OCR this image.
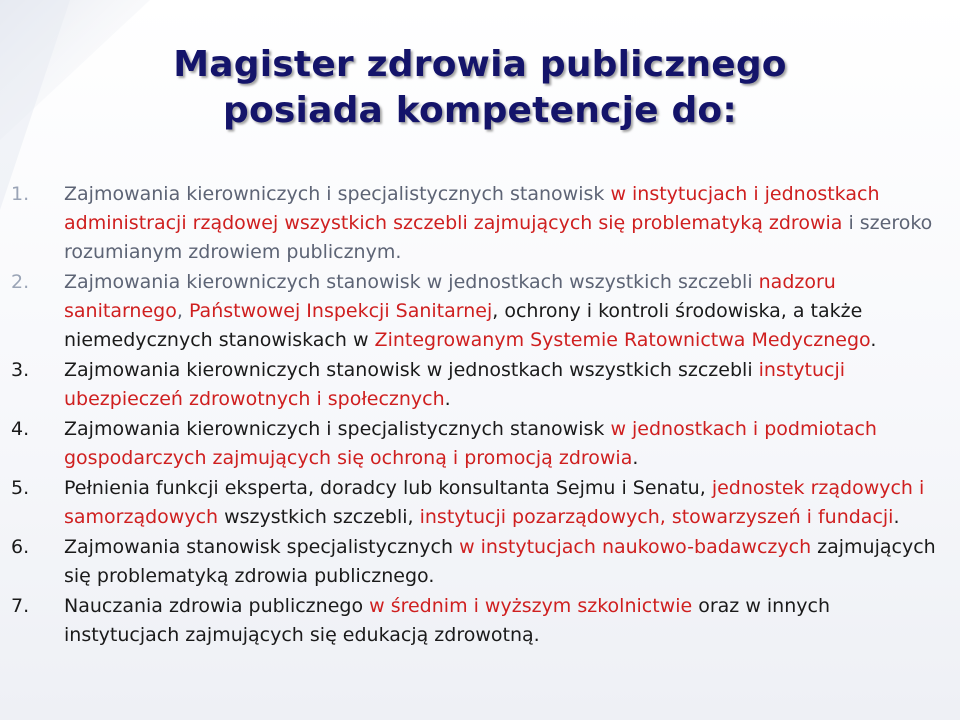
Magister zdrowia publicznego
posiada kompetencje do:
1.	Zajmowania kierowniczych i specjalistycznych stanowisk w instytucjach i jednostkach administracji rządowej wszystkich szczebli zajmujących się problematyką zdrowia i szeroko rozumianym zdrowiem publicznym.
2.	Zajmowania kierowniczych stanowisk w jednostkach wszystkich szczebli nadzoru sanitarnego, Państwowej Inspekcji Sanitarnej, ochrony i kontroli środowiska, a także niemedycznych stanowiskach w Zintegrowanym Systemie Ratownictwa Medycznego.
3.	Zajmowania kierowniczych stanowisk w jednostkach wszystkich szczebli instytucji ubezpieczeń zdrowotnych i społecznych.
4.	Zajmowania kierowniczych i specjalistycznych stanowisk w jednostkach i podmiotach gospodarczych zajmujących się ochroną i promocją zdrowia.
5.	Pełnienia funkcji eksperta, doradcy lub konsultanta Sejmu i Senatu, jednostek rządowych i samorządowych wszystkich szczebli, instytucji pozarządowych, stowarzyszeń i fundacji.
6.	Zajmowania stanowisk specjalistycznych w instytucjach naukowo-badawczych zajmujących się problematyką zdrowia publicznego.
7.	Nauczania zdrowia publicznego w średnim i wyższym szkolnictwie oraz w innych instytucjach zajmujących się edukacją zdrowotną.
